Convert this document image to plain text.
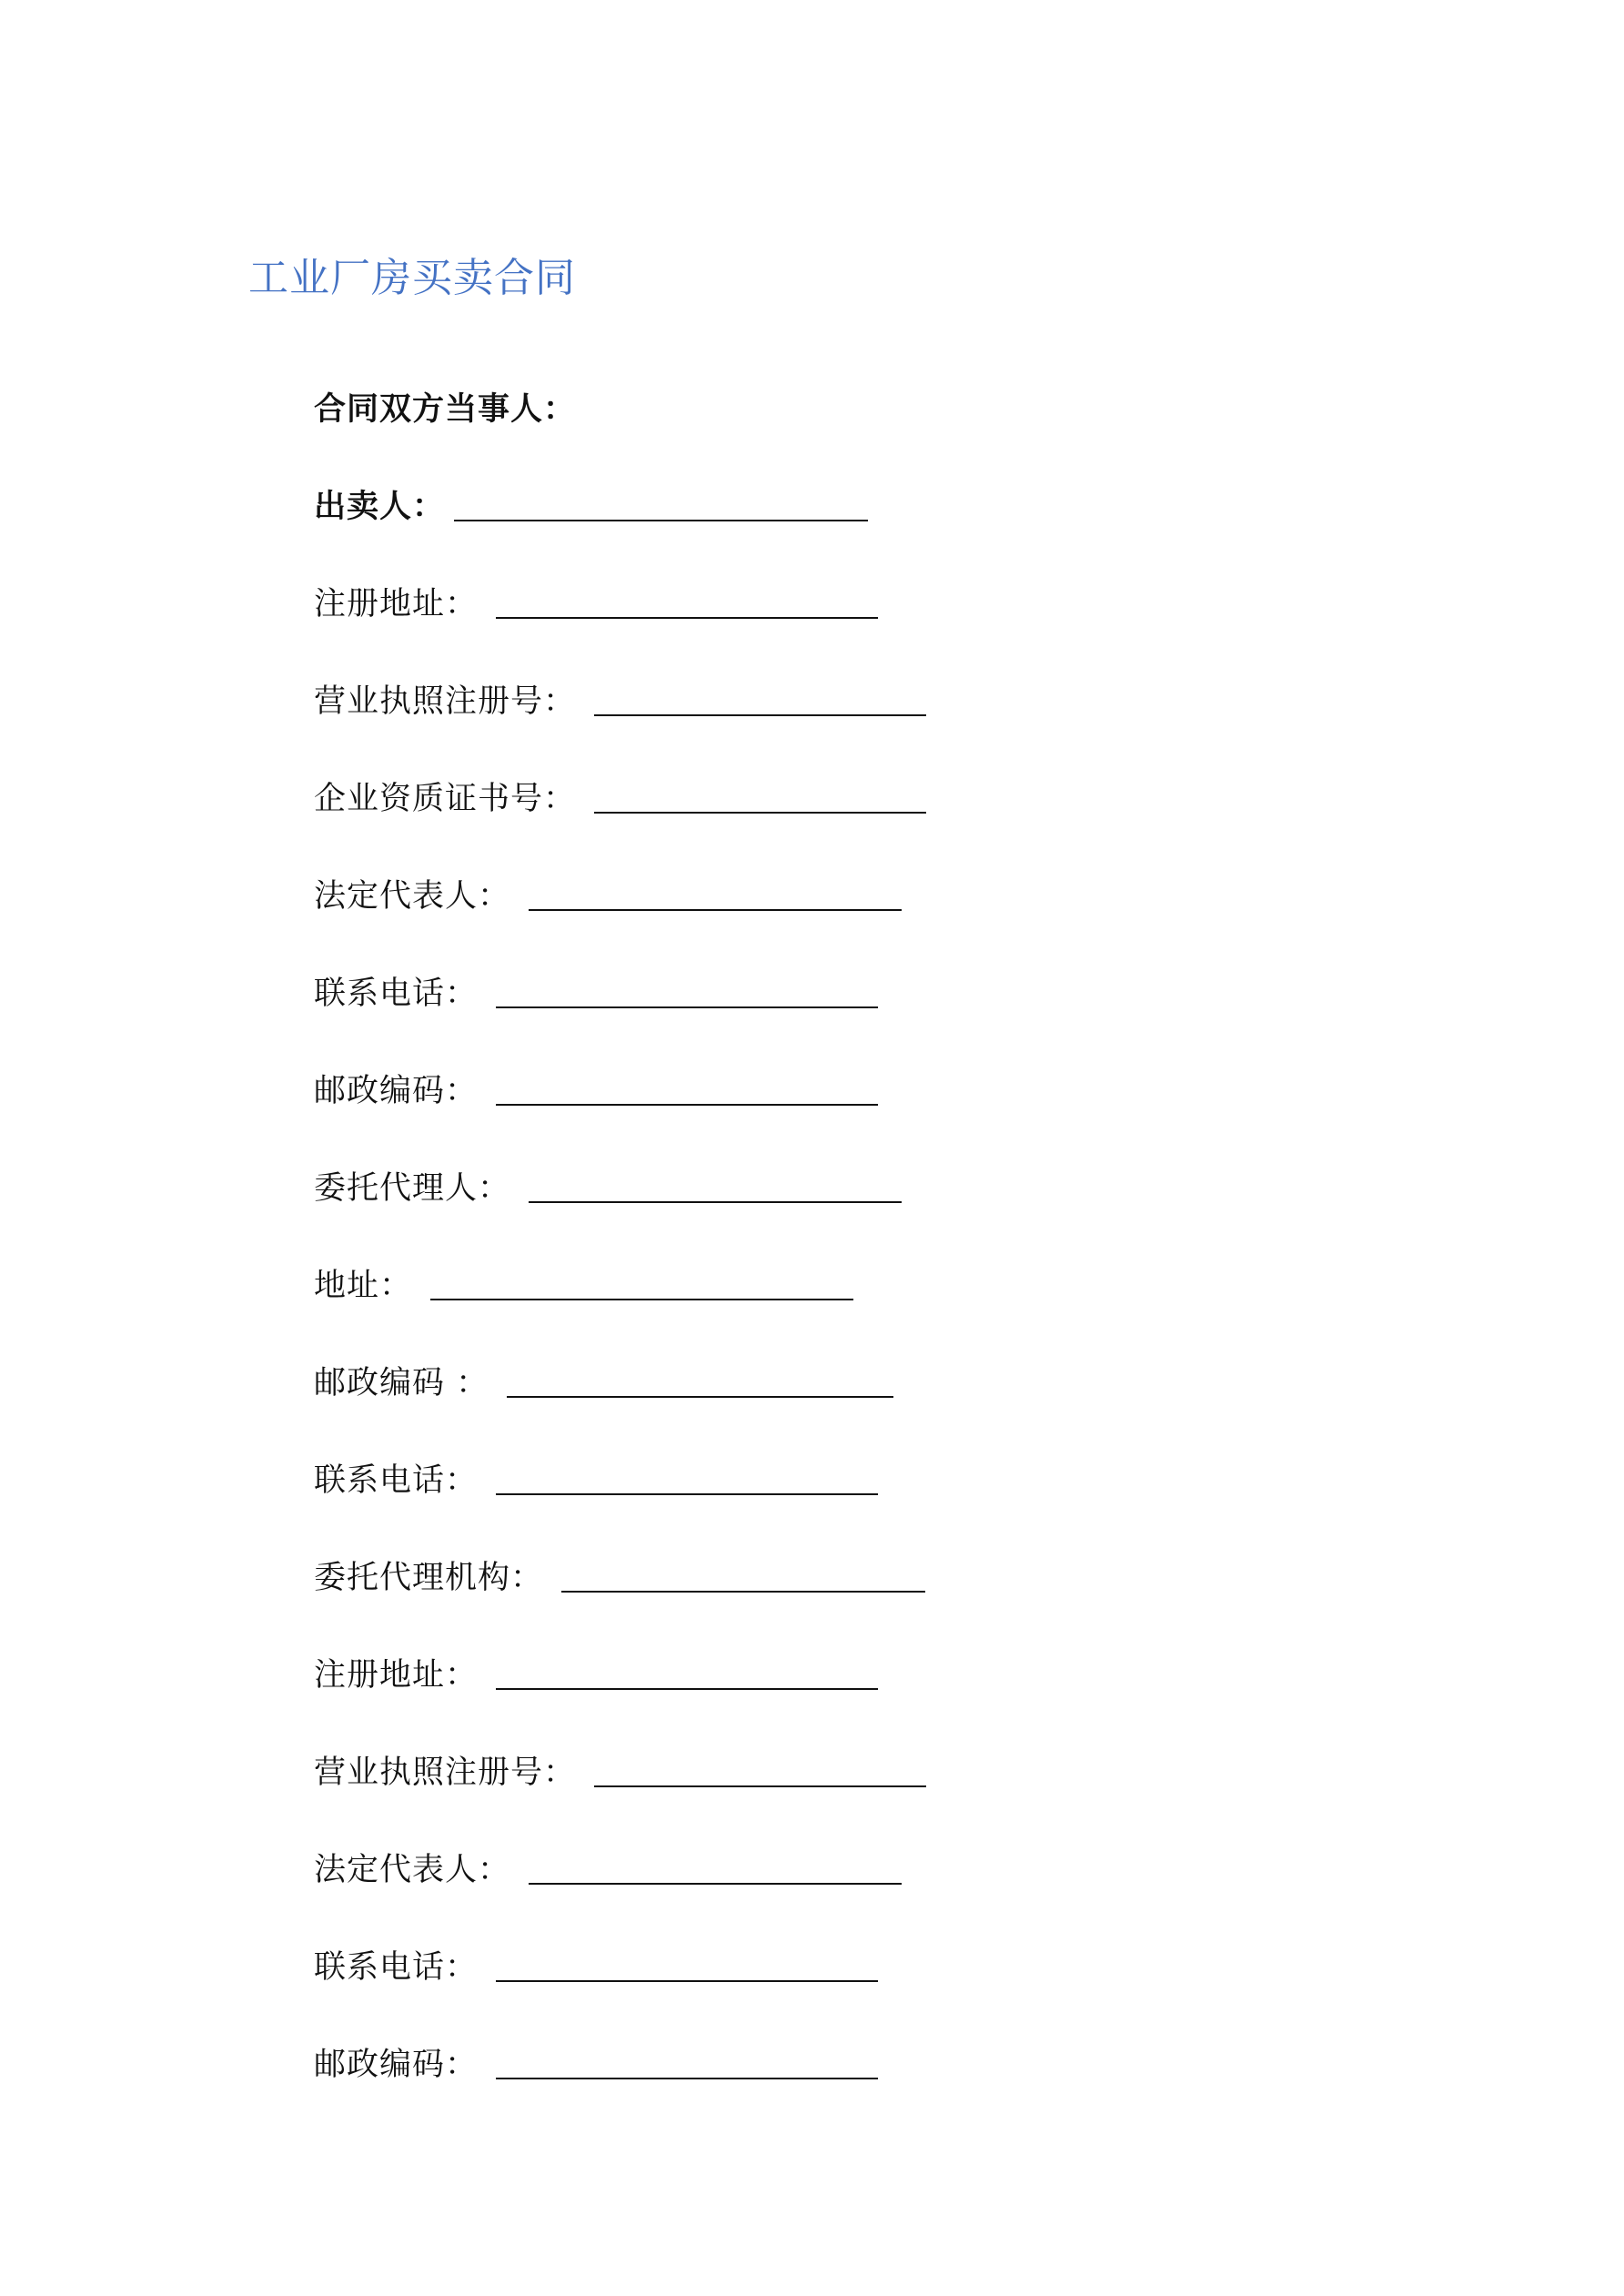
工业厂房买卖合同
合同双方当事人：
出卖人：
注册地址：
营业执照注册号：
企业资质证书号：
法定代表人：
联系电话：
邮政编码：
委托代理人：
地址：
邮政编码 ：
联系电话：
委托代理机构：
注册地址：
营业执照注册号：
法定代表人：
联系电话：
邮政编码：
